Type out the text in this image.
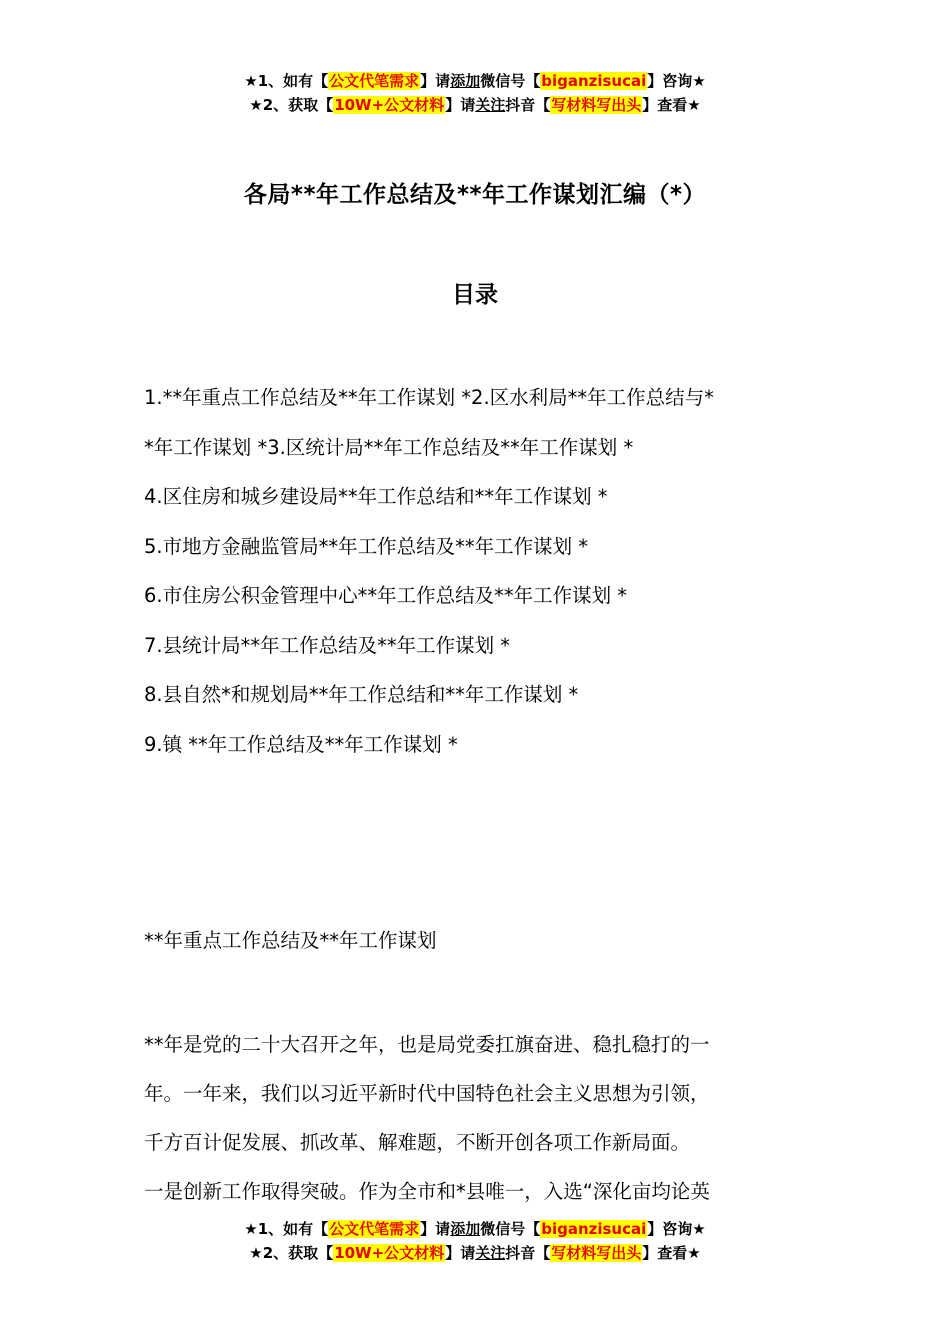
★1、如有【公文代笔需求】请添加微信号【biganzisucai】咨询★
★2、获取【10W+公文材料】请关注抖音【写材料写出头】查看★
各局**年工作总结及**年工作谋划汇编（*）
目录
1.**年重点工作总结及**年工作谋划 *2.区水利局**年工作总结与*
*年工作谋划 *3.区统计局**年工作总结及**年工作谋划 *
4.区住房和城乡建设局**年工作总结和**年工作谋划 *
5.市地方金融监管局**年工作总结及**年工作谋划 *
6.市住房公积金管理中心**年工作总结及**年工作谋划 *
7.县统计局**年工作总结及**年工作谋划 *
8.县自然*和规划局**年工作总结和**年工作谋划 *
9.镇 **年工作总结及**年工作谋划 *
**年重点工作总结及**年工作谋划
**年是党的二十大召开之年，也是局党委扛旗奋进、稳扎稳打的一
年。一年来，我们以习近平新时代中国特色社会主义思想为引领，
千方百计促发展、抓改革、解难题，不断开创各项工作新局面。
一是创新工作取得突破。作为全市和*县唯一，入选“深化亩均论英
★1、如有【公文代笔需求】请添加微信号【biganzisucai】咨询★
★2、获取【10W+公文材料】请关注抖音【写材料写出头】查看★
